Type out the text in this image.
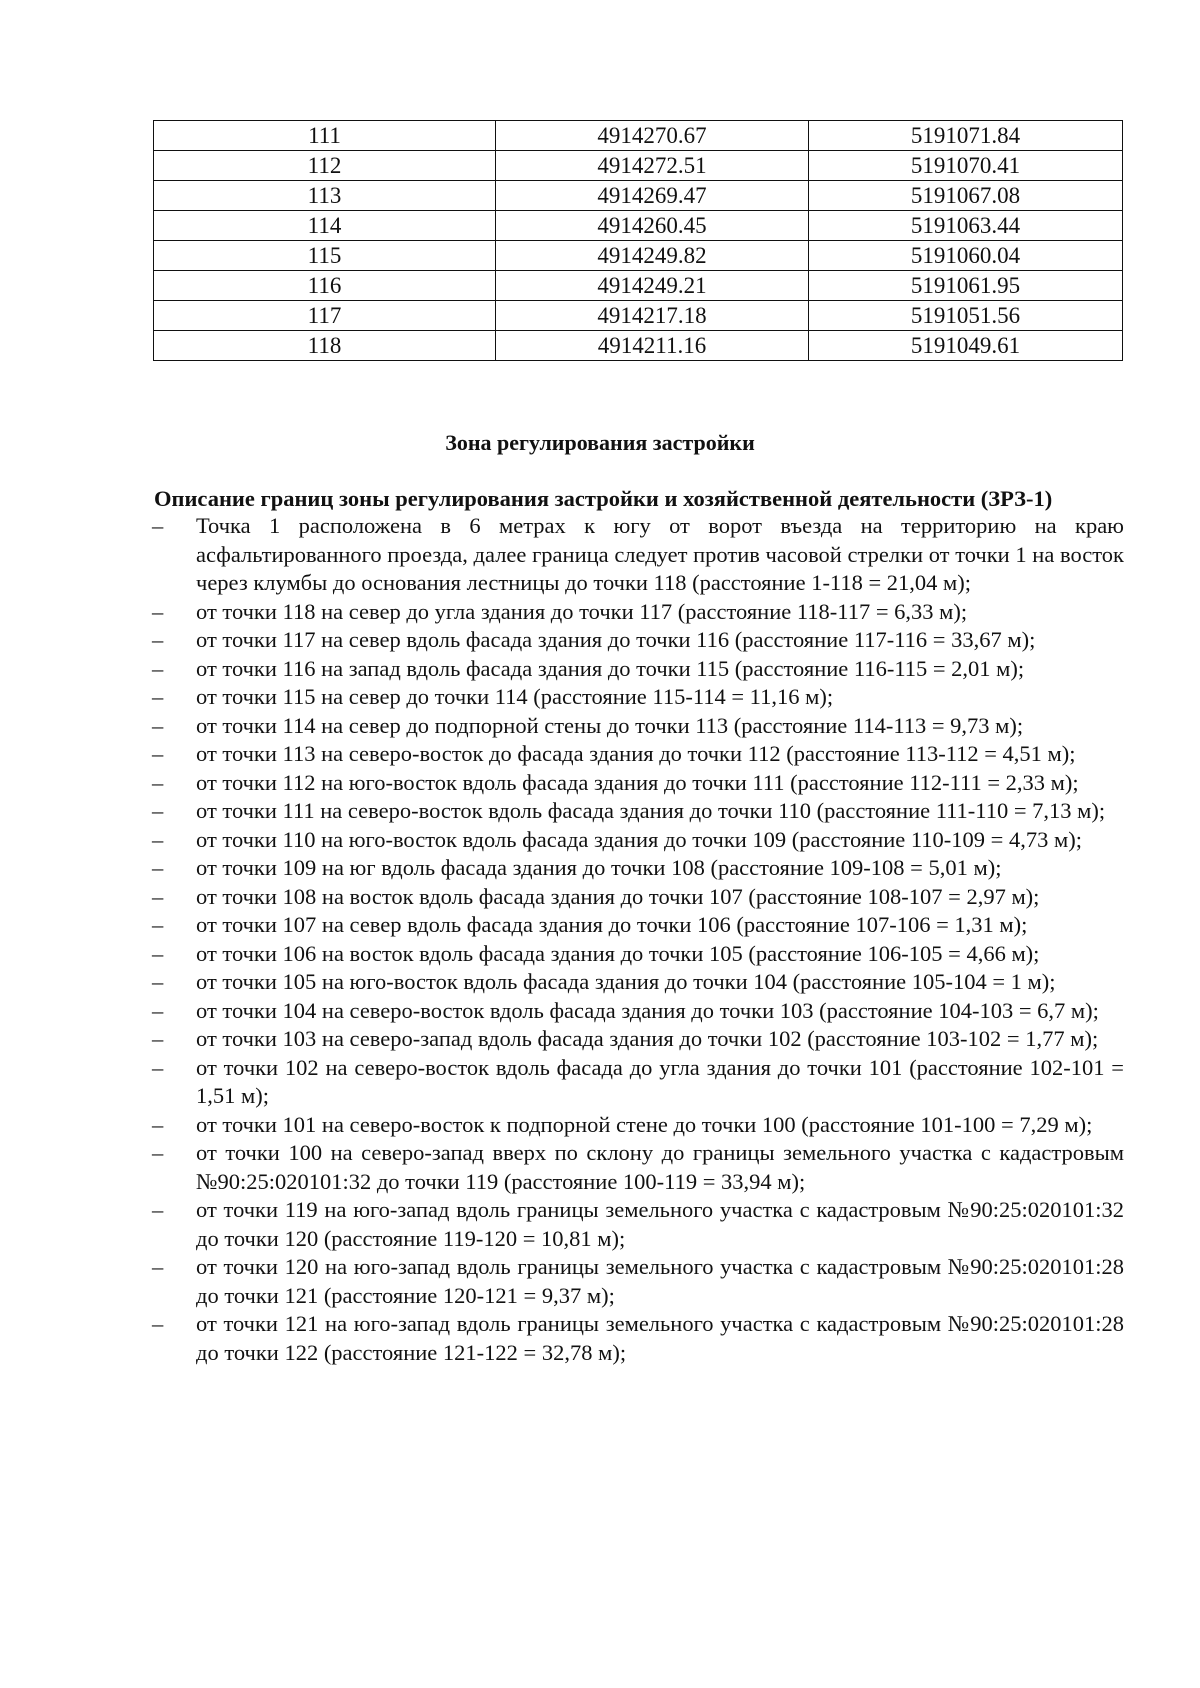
111	4914270.67	5191071.84
112	4914272.51	5191070.41
113	4914269.47	5191067.08
114	4914260.45	5191063.44
115	4914249.82	5191060.04
116	4914249.21	5191061.95
117	4914217.18	5191051.56
118	4914211.16	5191049.61
Зона регулирования застройки
Описание границ зоны регулирования застройки и хозяйственной деятельности (ЗРЗ-1)
– Точка 1 расположена в 6 метрах к югу от ворот въезда на территорию на краю асфальтированного проезда, далее граница следует против часовой стрелки от точки 1 на восток через клумбы до основания лестницы до точки 118 (расстояние 1-118 = 21,04 м);
– от точки 118 на север до угла здания до точки 117 (расстояние 118-117 = 6,33 м);
– от точки 117 на север вдоль фасада здания до точки 116 (расстояние 117-116 = 33,67 м);
– от точки 116 на запад вдоль фасада здания до точки 115 (расстояние 116-115 = 2,01 м);
– от точки 115 на север до точки 114 (расстояние 115-114 = 11,16 м);
– от точки 114 на север до подпорной стены до точки 113 (расстояние 114-113 = 9,73 м);
– от точки 113 на северо-восток до фасада здания до точки 112 (расстояние 113-112 = 4,51 м);
– от точки 112 на юго-восток вдоль фасада здания до точки 111 (расстояние 112-111 = 2,33 м);
– от точки 111 на северо-восток вдоль фасада здания до точки 110 (расстояние 111-110 = 7,13 м);
– от точки 110 на юго-восток вдоль фасада здания до точки 109 (расстояние 110-109 = 4,73 м);
– от точки 109 на юг вдоль фасада здания до точки 108 (расстояние 109-108 = 5,01 м);
– от точки 108 на восток вдоль фасада здания до точки 107 (расстояние 108-107 = 2,97 м);
– от точки 107 на север вдоль фасада здания до точки 106 (расстояние 107-106 = 1,31 м);
– от точки 106 на восток вдоль фасада здания до точки 105 (расстояние 106-105 = 4,66 м);
– от точки 105 на юго-восток вдоль фасада здания до точки 104 (расстояние 105-104 = 1 м);
– от точки 104 на северо-восток вдоль фасада здания до точки 103 (расстояние 104-103 = 6,7 м);
– от точки 103 на северо-запад вдоль фасада здания до точки 102 (расстояние 103-102 = 1,77 м);
– от точки 102 на северо-восток вдоль фасада до угла здания до точки 101 (расстояние 102-101 = 1,51 м);
– от точки 101 на северо-восток к подпорной стене до точки 100 (расстояние 101-100 = 7,29 м);
– от точки 100 на северо-запад вверх по склону до границы земельного участка с кадастровым №90:25:020101:32 до точки 119 (расстояние 100-119 = 33,94 м);
– от точки 119 на юго-запад вдоль границы земельного участка с кадастровым №90:25:020101:32 до точки 120 (расстояние 119-120 = 10,81 м);
– от точки 120 на юго-запад вдоль границы земельного участка с кадастровым №90:25:020101:28 до точки 121 (расстояние 120-121 = 9,37 м);
– от точки 121 на юго-запад вдоль границы земельного участка с кадастровым №90:25:020101:28 до точки 122 (расстояние 121-122 = 32,78 м);
